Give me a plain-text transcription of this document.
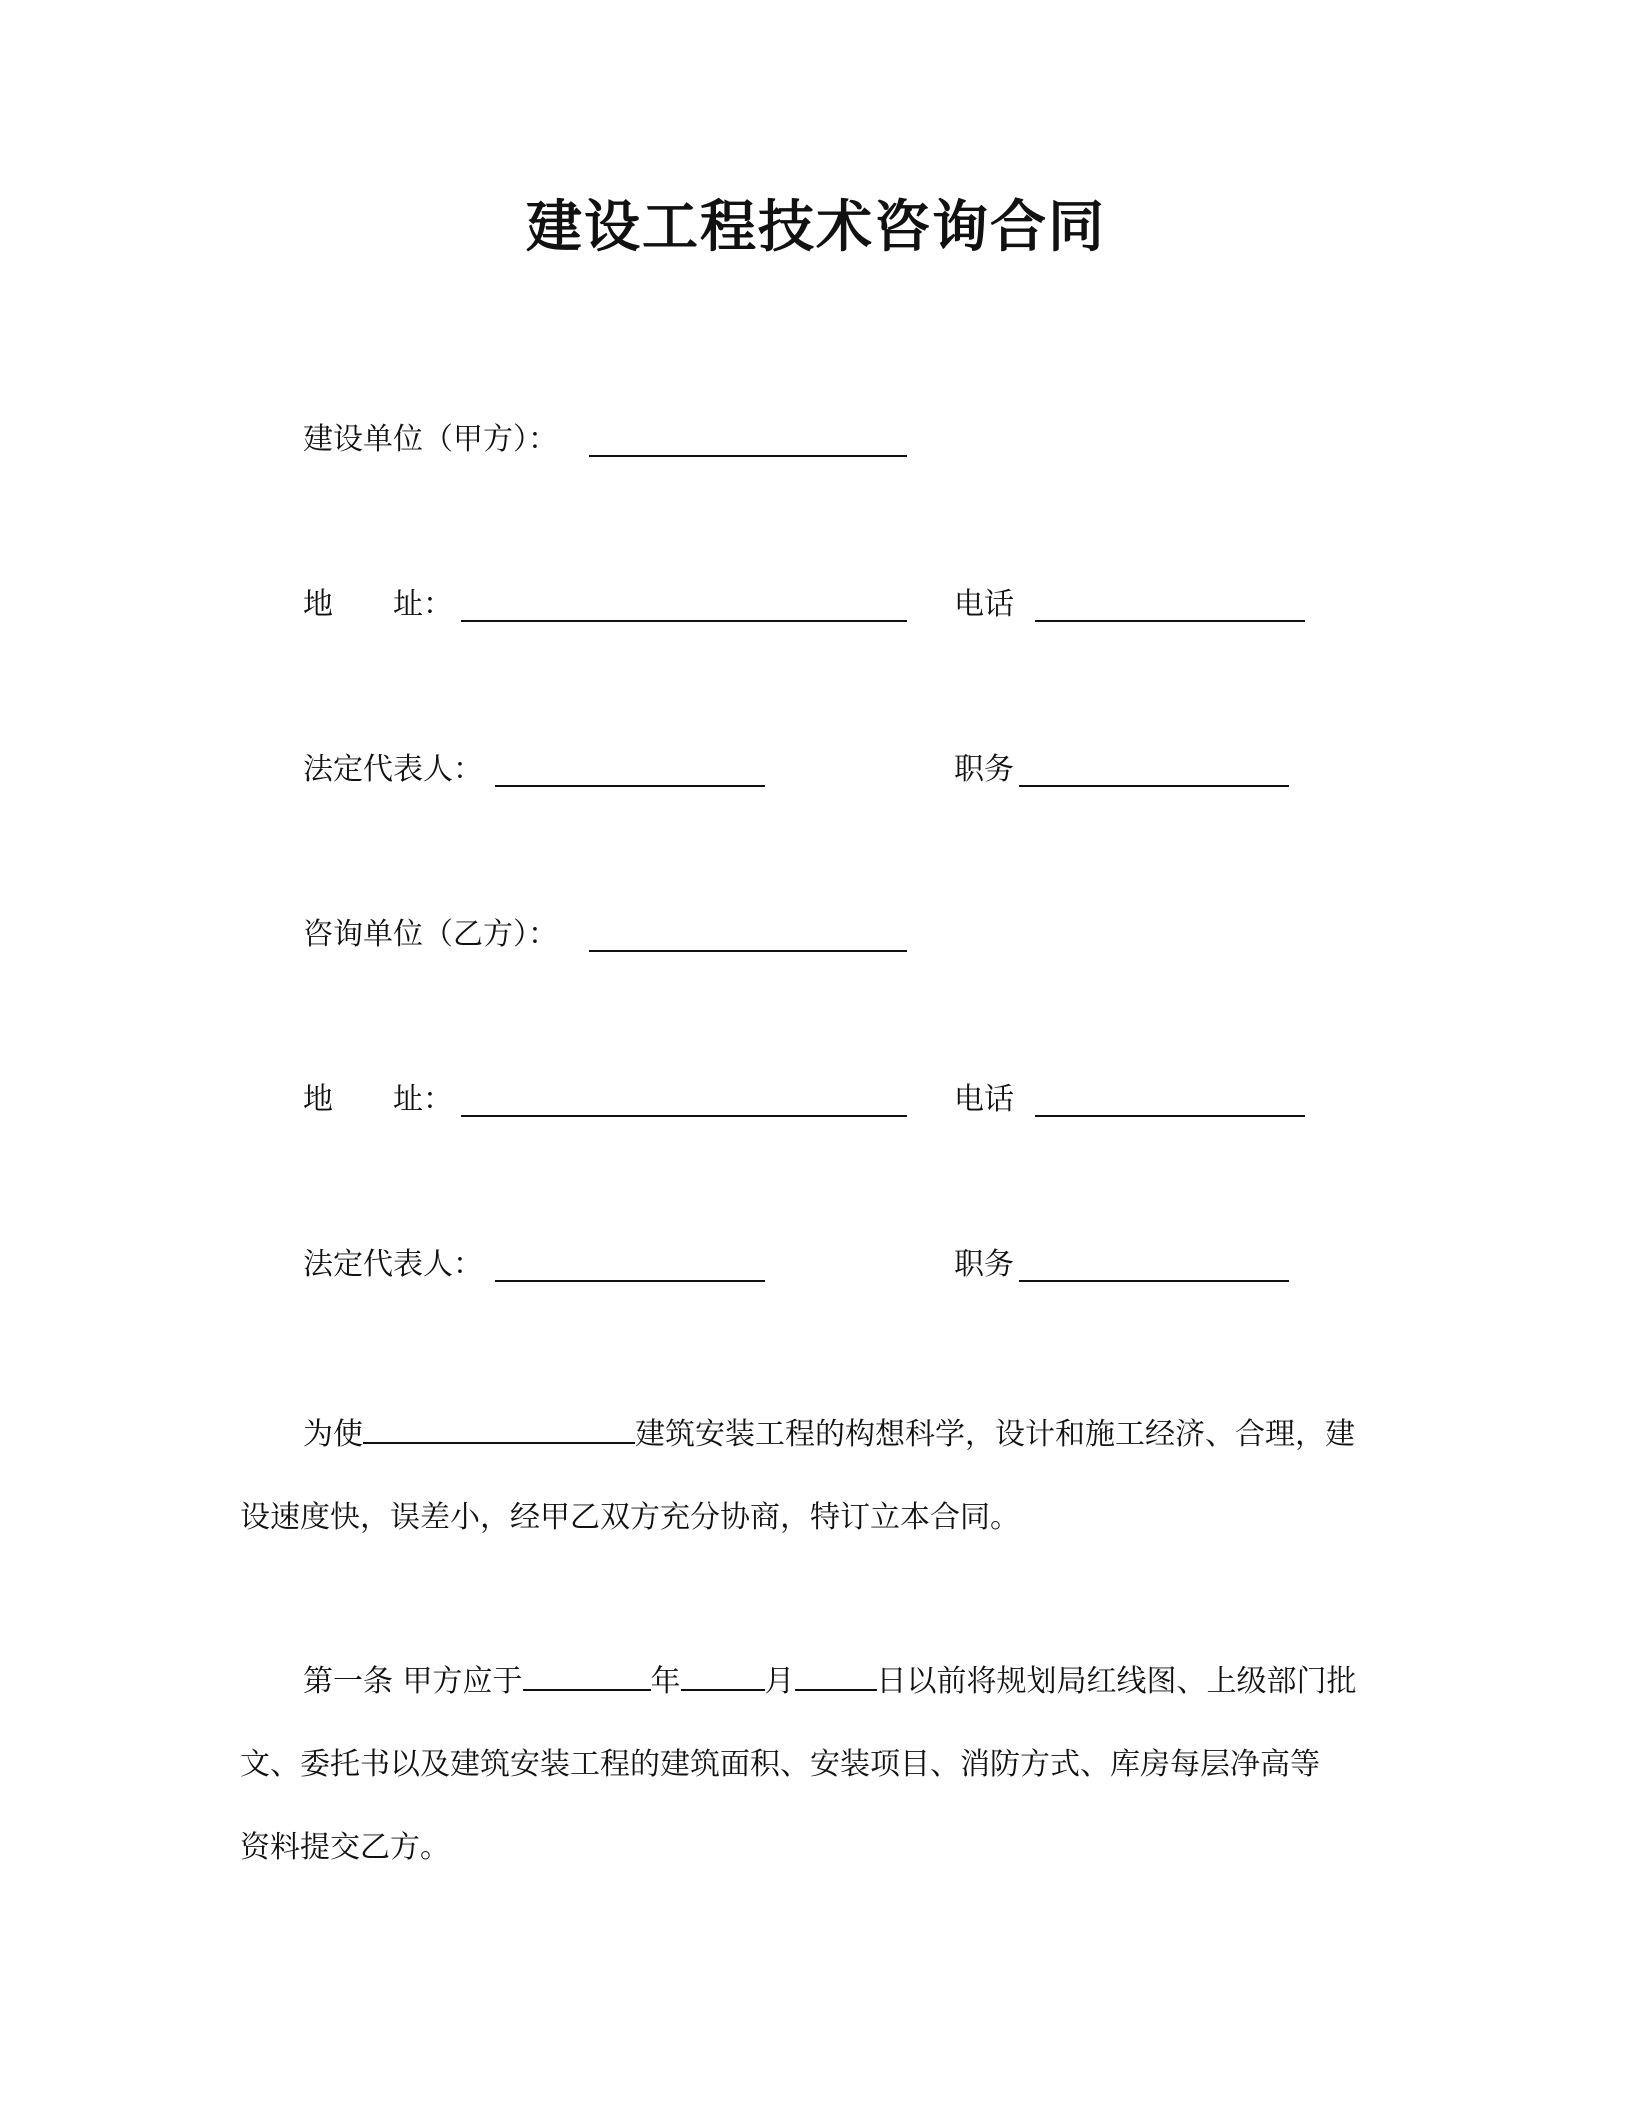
建设工程技术咨询合同
建设单位（甲方）：
地　　址：	电话
法定代表人：	职务
咨询单位（乙方）：
地　　址：	电话
法定代表人：	职务
为使	建筑安装工程的构想科学，设计和施工经济、合理，建
设速度快，误差小，经甲乙双方充分协商，特订立本合同。
第一条 甲方应于	年	月	日以前将规划局红线图、上级部门批
文、委托书以及建筑安装工程的建筑面积、安装项目、消防方式、库房每层净高等
资料提交乙方。
